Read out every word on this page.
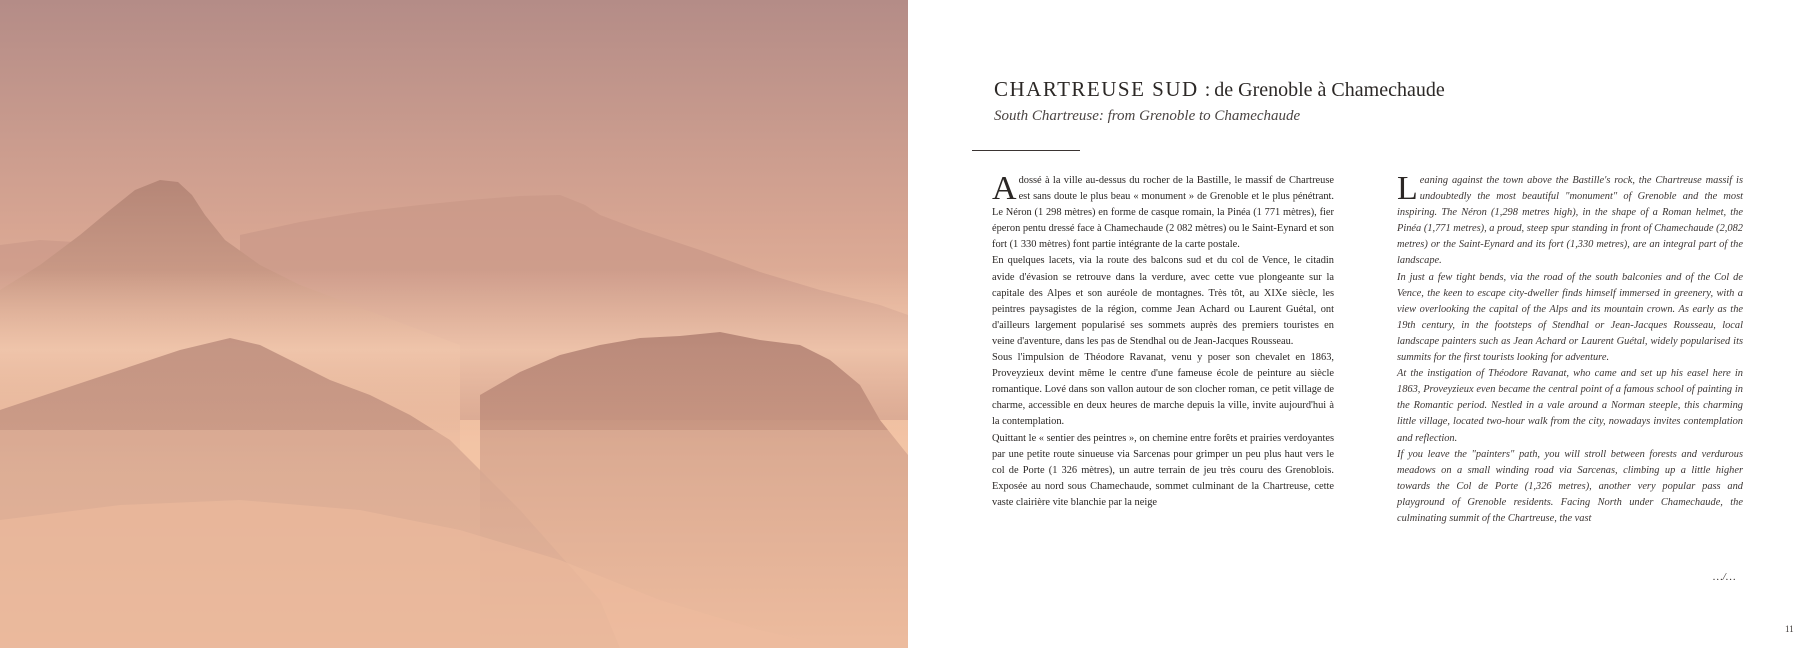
CHARTREUSE SUD : de Grenoble à Chamechaude
South Chartreuse: from Grenoble to Chamechaude

Adossé à la ville au-dessus du rocher de la Bastille, le massif de Chartreuse est sans doute le plus beau « monument » de Grenoble et le plus pénétrant. Le Néron (1 298 mètres) en forme de casque romain, la Pinéa (1 771 mètres), fier éperon pentu dressé face à Chamechaude (2 082 mètres) ou le Saint-Eynard et son fort (1 330 mètres) font partie intégrante de la carte postale.

En quelques lacets, via la route des balcons sud et du col de Vence, le citadin avide d'évasion se retrouve dans la verdure, avec cette vue plongeante sur la capitale des Alpes et son auréole de montagnes. Très tôt, au XIXe siècle, les peintres paysagistes de la région, comme Jean Achard ou Laurent Guétal, ont d'ailleurs largement popularisé ses sommets auprès des premiers touristes en veine d'aventure, dans les pas de Stendhal ou de Jean-Jacques Rousseau.

Sous l'impulsion de Théodore Ravanat, venu y poser son chevalet en 1863, Proveyzieux devint même le centre d'une fameuse école de peinture au siècle romantique. Lové dans son vallon autour de son clocher roman, ce petit village de charme, accessible en deux heures de marche depuis la ville, invite aujourd'hui à la contemplation.

Quittant le « sentier des peintres », on chemine entre forêts et prairies verdoyantes par une petite route sinueuse via Sarcenas pour grimper un peu plus haut vers le col de Porte (1 326 mètres), un autre terrain de jeu très couru des Grenoblois. Exposée au nord sous Chamechaude, sommet culminant de la Chartreuse, cette vaste clairière vite blanchie par la neige

Leaning against the town above the Bastille's rock, the Chartreuse massif is undoubtedly the most beautiful "monument" of Grenoble and the most inspiring. The Néron (1,298 metres high), in the shape of a Roman helmet, the Pinéa (1,771 metres), a proud, steep spur standing in front of Chamechaude (2,082 metres) or the Saint-Eynard and its fort (1,330 metres), are an integral part of the landscape.

In just a few tight bends, via the road of the south balconies and of the Col de Vence, the keen to escape city-dweller finds himself immersed in greenery, with a view overlooking the capital of the Alps and its mountain crown. As early as the 19th century, in the footsteps of Stendhal or Jean-Jacques Rousseau, local landscape painters such as Jean Achard or Laurent Guétal, widely popularised its summits for the first tourists looking for adventure.

At the instigation of Théodore Ravanat, who came and set up his easel here in 1863, Proveyzieux even became the central point of a famous school of painting in the Romantic period. Nestled in a vale around a Norman steeple, this charming little village, located two-hour walk from the city, nowadays invites contemplation and reflection.

If you leave the "painters" path, you will stroll between forests and verdurous meadows on a small winding road via Sarcenas, climbing up a little higher towards the Col de Porte (1,326 metres), another very popular pass and playground of Grenoble residents. Facing North under Chamechaude, the culminating summit of the Chartreuse, the vast

…/…
11
